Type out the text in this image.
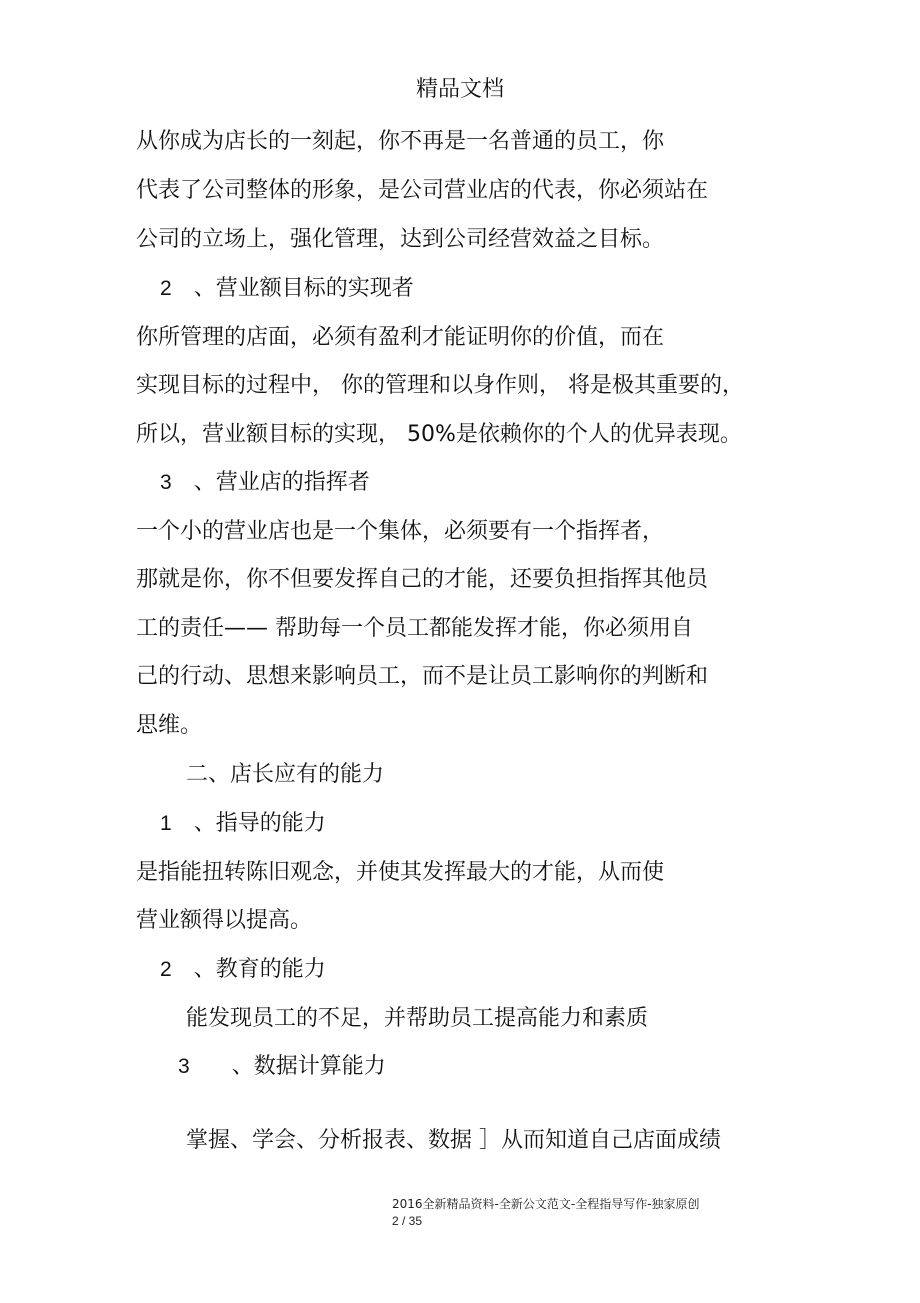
精品文档
从你成为店长的一刻起，你不再是一名普通的员工，你
代表了公司整体的形象，是公司营业店的代表，你必须站在
公司的立场上，强化管理，达到公司经营效益之目标。
2 、营业额目标的实现者
你所管理的店面，必须有盈利才能证明你的价值，而在
实现目标的过程中， 你的管理和以身作则， 将是极其重要的，
所以，营业额目标的实现， 50%是依赖你的个人的优异表现。
3 、营业店的指挥者
一个小的营业店也是一个集体，必须要有一个指挥者，
那就是你，你不但要发挥自己的才能，还要负担指挥其他员
工的责任—— 帮助每一个员工都能发挥才能，你必须用自
己的行动、思想来影响员工，而不是让员工影响你的判断和
思维。
二、店长应有的能力
1 、指导的能力
是指能扭转陈旧观念，并使其发挥最大的才能，从而使
营业额得以提高。
2 、教育的能力
能发现员工的不足，并帮助员工提高能力和素质
3 、数据计算能力
掌握、学会、分析报表、数据 ］从而知道自己店面成绩
2016全新精品资料-全新公文范文-全程指导写作-独家原创
2 / 35
